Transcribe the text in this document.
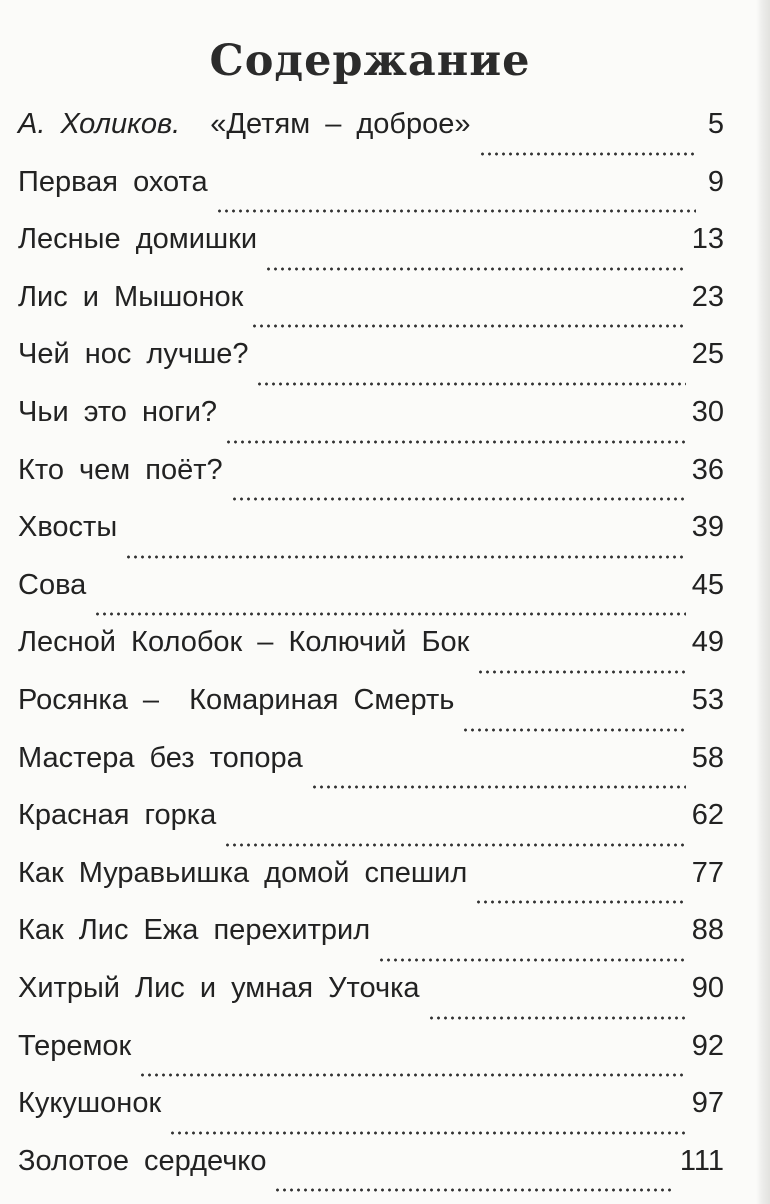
Содержание
А. Холиков. «Детям – доброе»	5
Первая охота	9
Лесные домишки	13
Лис и Мышонок	23
Чей нос лучше?	25
Чьи это ноги?	30
Кто чем поёт?	36
Хвосты	39
Сова	45
Лесной Колобок – Колючий Бок	49
Росянка –  Комариная Смерть	53
Мастера без топора	58
Красная горка	62
Как Муравьишка домой спешил	77
Как Лис Ежа перехитрил	88
Хитрый Лис и умная Уточка	90
Теремок	92
Кукушонок	97
Золотое сердечко	111
